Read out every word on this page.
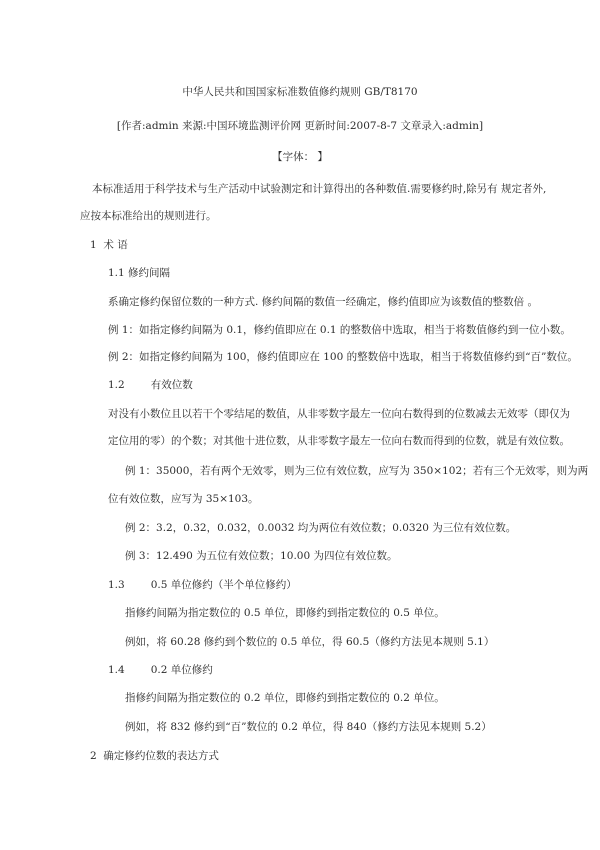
中华人民共和国国家标准数值修约规则 GB/T8170
[作者:admin 来源:中国环境监测评价网 更新时间:2007-8-7 文章录入:admin]
【字体： 】
本标准适用于科学技术与生产活动中试验测定和计算得出的各种数值.需要修约时,除另有 规定者外,
应按本标准给出的规则进行。
1 术 语
1.1 修约间隔
系确定修约保留位数的一种方式. 修约间隔的数值一经确定，修约值即应为该数值的整数倍 。
例 1：如指定修约间隔为 0.1，修约值即应在 0.1 的整数倍中选取，相当于将数值修约到一位小数。
例 2：如指定修约间隔为 100，修约值即应在 100 的整数倍中选取，相当于将数值修约到“百”数位。
1.2 有效位数
对没有小数位且以若干个零结尾的数值，从非零数字最左一位向右数得到的位数减去无效零（即仅为
定位用的零）的个数；对其他十进位数，从非零数字最左一位向右数而得到的位数，就是有效位数。
例 1：35000，若有两个无效零，则为三位有效位数，应写为 350×102；若有三个无效零，则为两
位有效位数，应写为 35×103。
例 2：3.2，0.32，0.032，0.0032 均为两位有效位数；0.0320 为三位有效位数。
例 3：12.490 为五位有效位数；10.00 为四位有效位数。
1.3 0.5 单位修约（半个单位修约）
指修约间隔为指定数位的 0.5 单位，即修约到指定数位的 0.5 单位。
例如，将 60.28 修约到个数位的 0.5 单位，得 60.5（修约方法见本规则 5.1）
1.4 0.2 单位修约
指修约间隔为指定数位的 0.2 单位，即修约到指定数位的 0.2 单位。
例如，将 832 修约到“百”数位的 0.2 单位，得 840（修约方法见本规则 5.2）
2 确定修约位数的表达方式
